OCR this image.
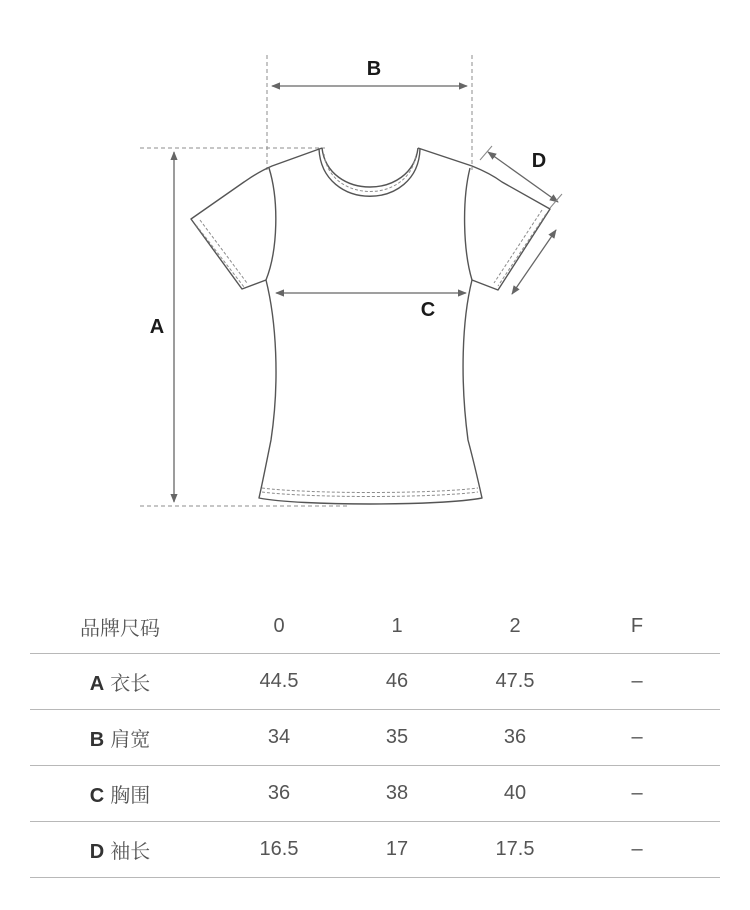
B
A
C
D
品牌尺码	0	1	2	F
A 衣长	44.5	46	47.5	–
B 肩宽	34	35	36	–
C 胸围	36	38	40	–
D 袖长	16.5	17	17.5	–
